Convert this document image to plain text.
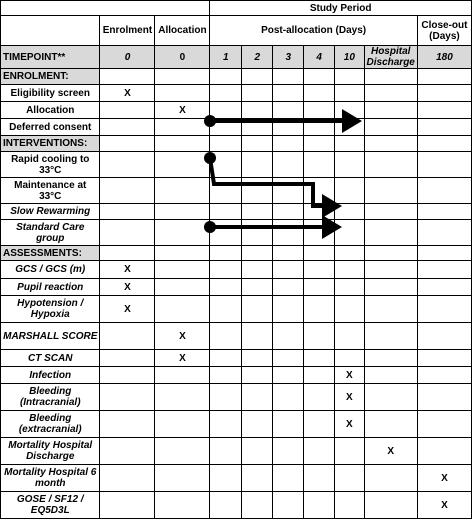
			Study Period						
	Enrolment	Allocation	Post-allocation (Days)						Close-out (Days)
TIMEPOINT**	0	0	1	2	3	4	10	Hospital Discharge	180
ENROLMENT:									
Eligibility screen	X								
Allocation		X							
Deferred consent									
INTERVENTIONS:									
Rapid cooling to 33°C									
Maintenance at 33°C									
Slow Rewarming									
Standard Care group									
ASSESSMENTS:									
GCS / GCS (m)	X								
Pupil reaction	X								
Hypotension / Hypoxia	X								
MARSHALL SCORE		X							
CT SCAN		X							
Infection							X		
Bleeding (Intracranial)							X		
Bleeding (extracranial)							X		
Mortality Hospital Discharge								X	
Mortality Hospital 6 month									X
GOSE / SF12 / EQ5D3L									X
